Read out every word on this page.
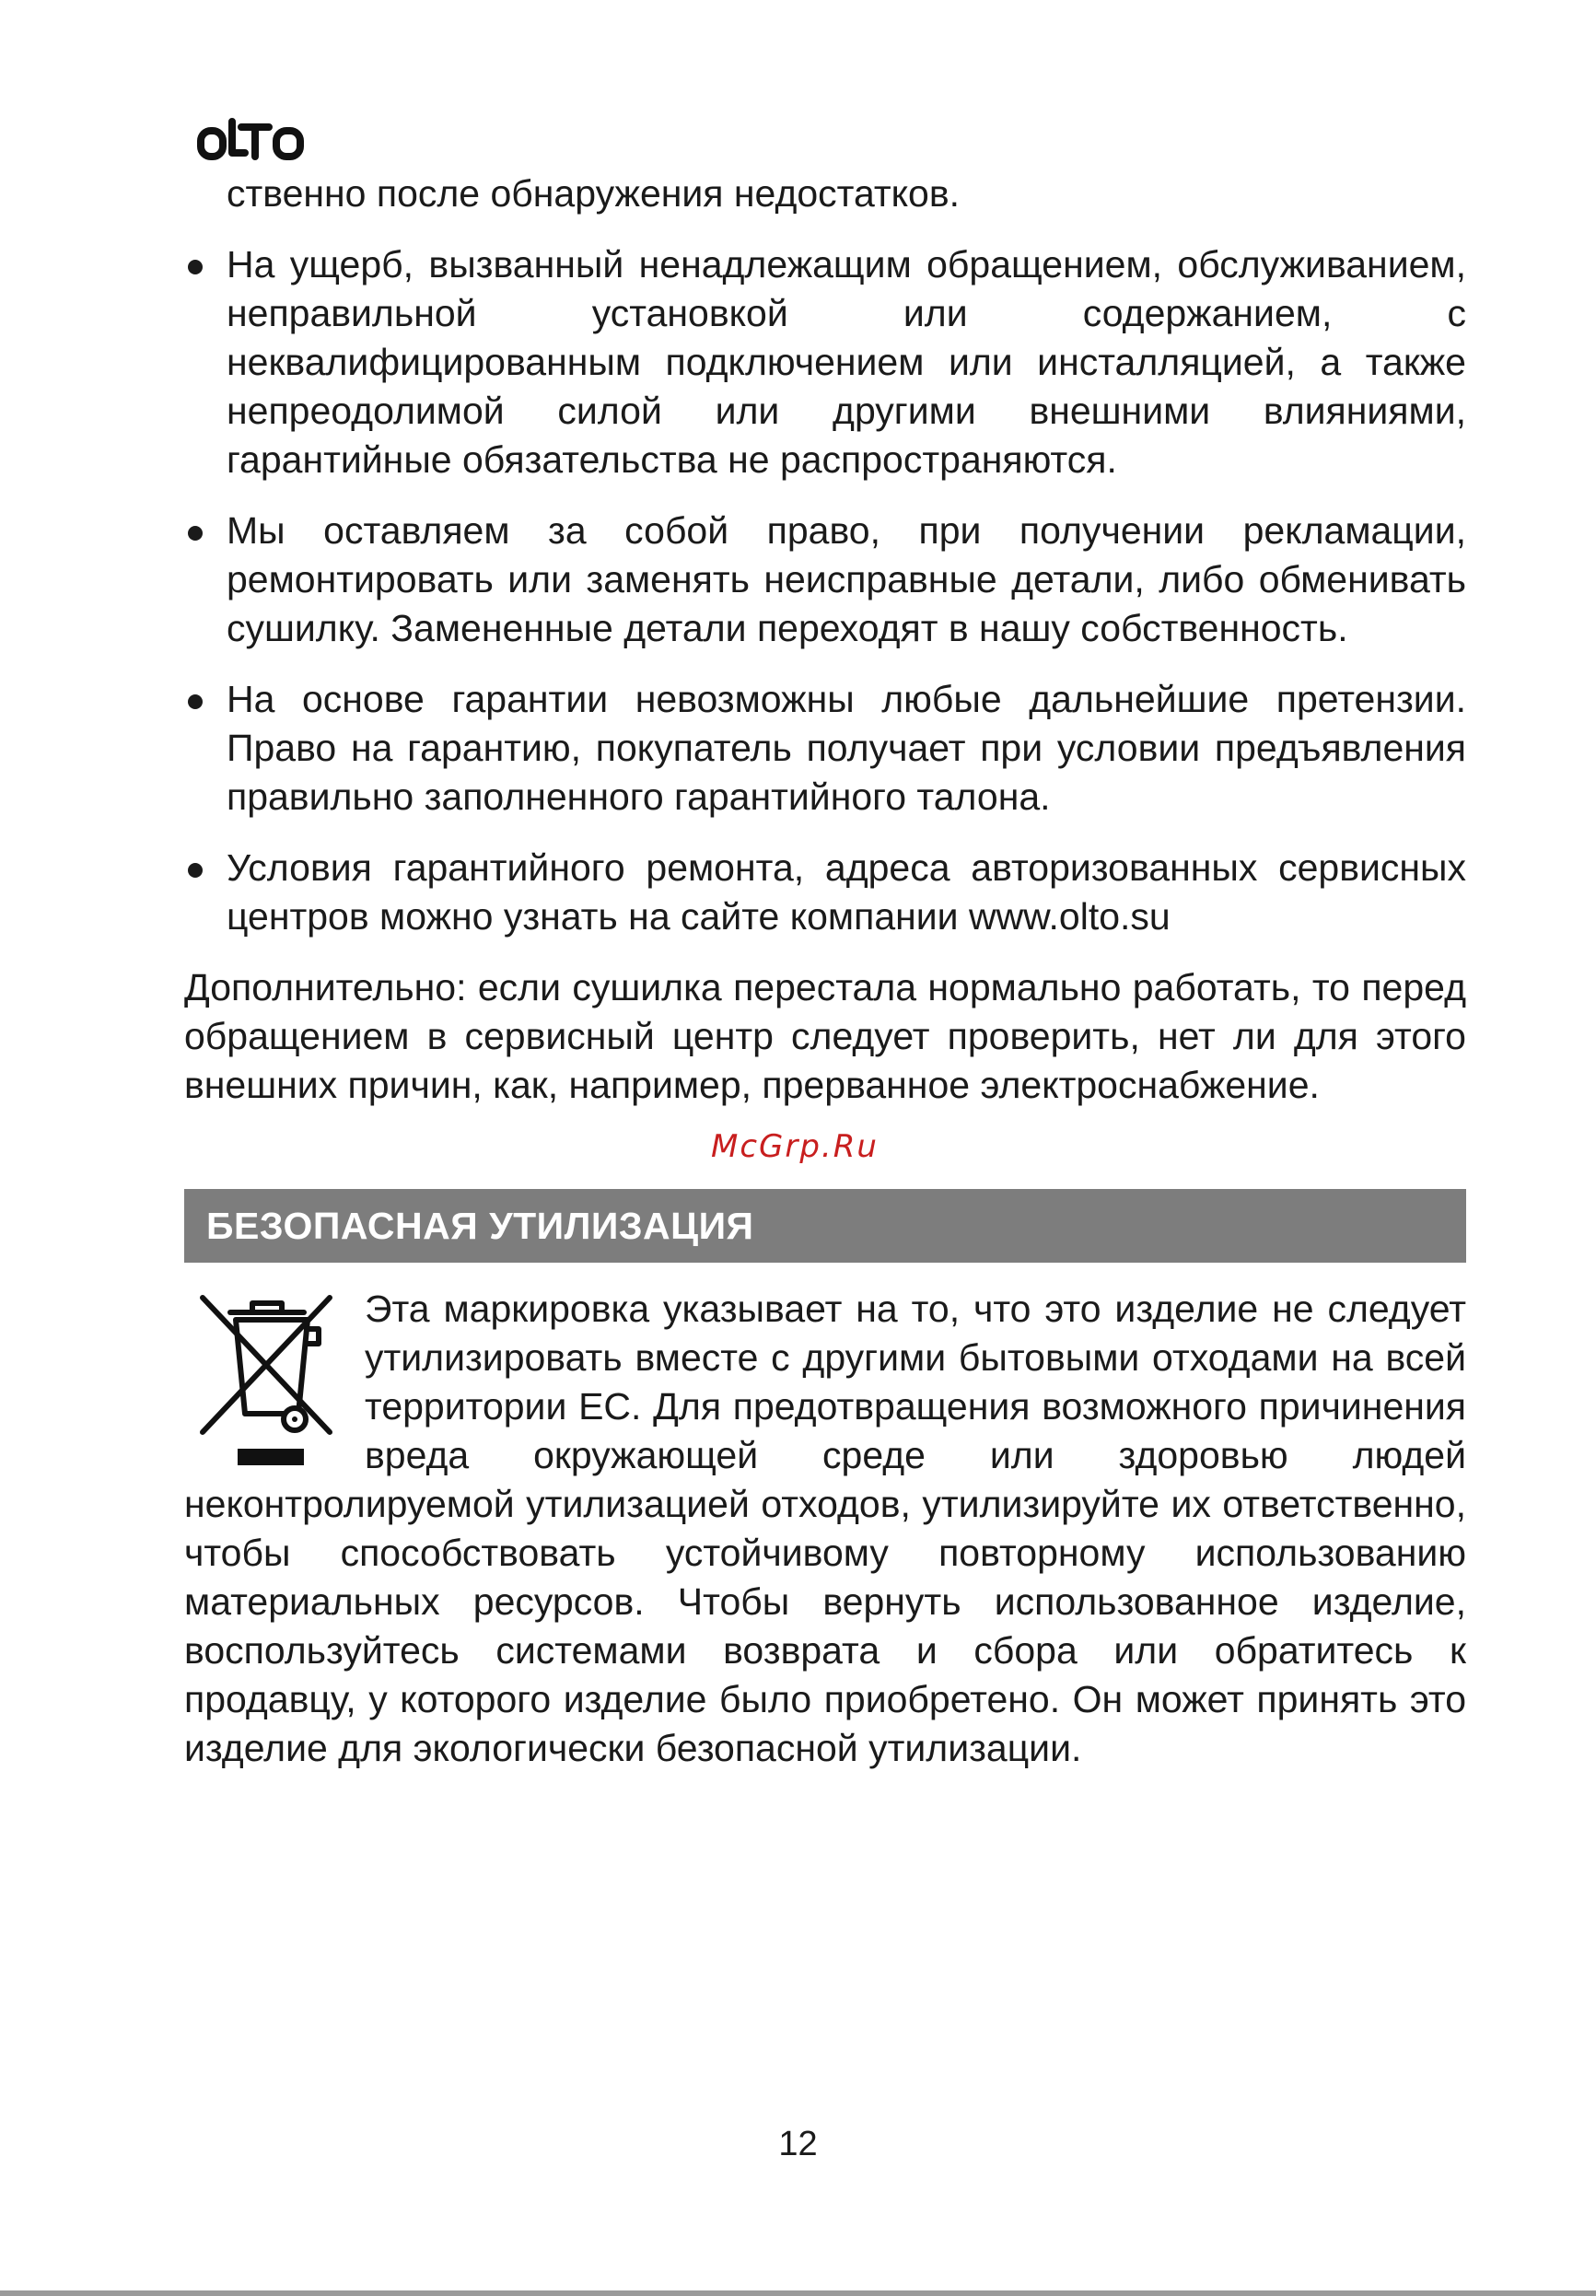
ственно после обнаружения недостатков.

На ущерб, вызванный ненадлежащим обращением, обслуживанием, неправильной установкой или содержанием, с неквалифицированным подключением или инсталляцией, а также непреодолимой силой или другими внешними влияниями, гарантийные обязательства не распространяются.
Мы оставляем за собой право, при получении рекламации, ремонтировать или заменять неисправные детали, либо обменивать сушилку. Замененные детали переходят в нашу собственность.
На основе гарантии невозможны любые дальнейшие претензии. Право на гарантию, покупатель получает при условии предъявления правильно заполненного гарантийного талона.
Условия гарантийного ремонта, адреса авторизованных сервисных центров можно узнать на сайте компании www.olto.su

Дополнительно: если сушилка перестала нормально работать, то перед обращением в сервисный центр следует проверить, нет ли для этого внешних причин, как, например, прерванное электроснабжение.

McGrp.Ru
БЕЗОПАСНАЯ УТИЛИЗАЦИЯ

Эта маркировка указывает на то, что это изделие не следует утилизировать вместе с другими бытовыми отходами на всей территории ЕС. Для предотвращения возможного причинения вреда окружающей среде или здоровью людей неконтролируемой утилизацией отходов, утилизируйте их ответственно, чтобы способствовать устойчивому повторному использованию материальных ресурсов. Чтобы вернуть использованное изделие, воспользуйтесь системами возврата и сбора или обратитесь к продавцу, у которого изделие было приобретено. Он может принять это изделие для экологически безопасной утилизации.

12
